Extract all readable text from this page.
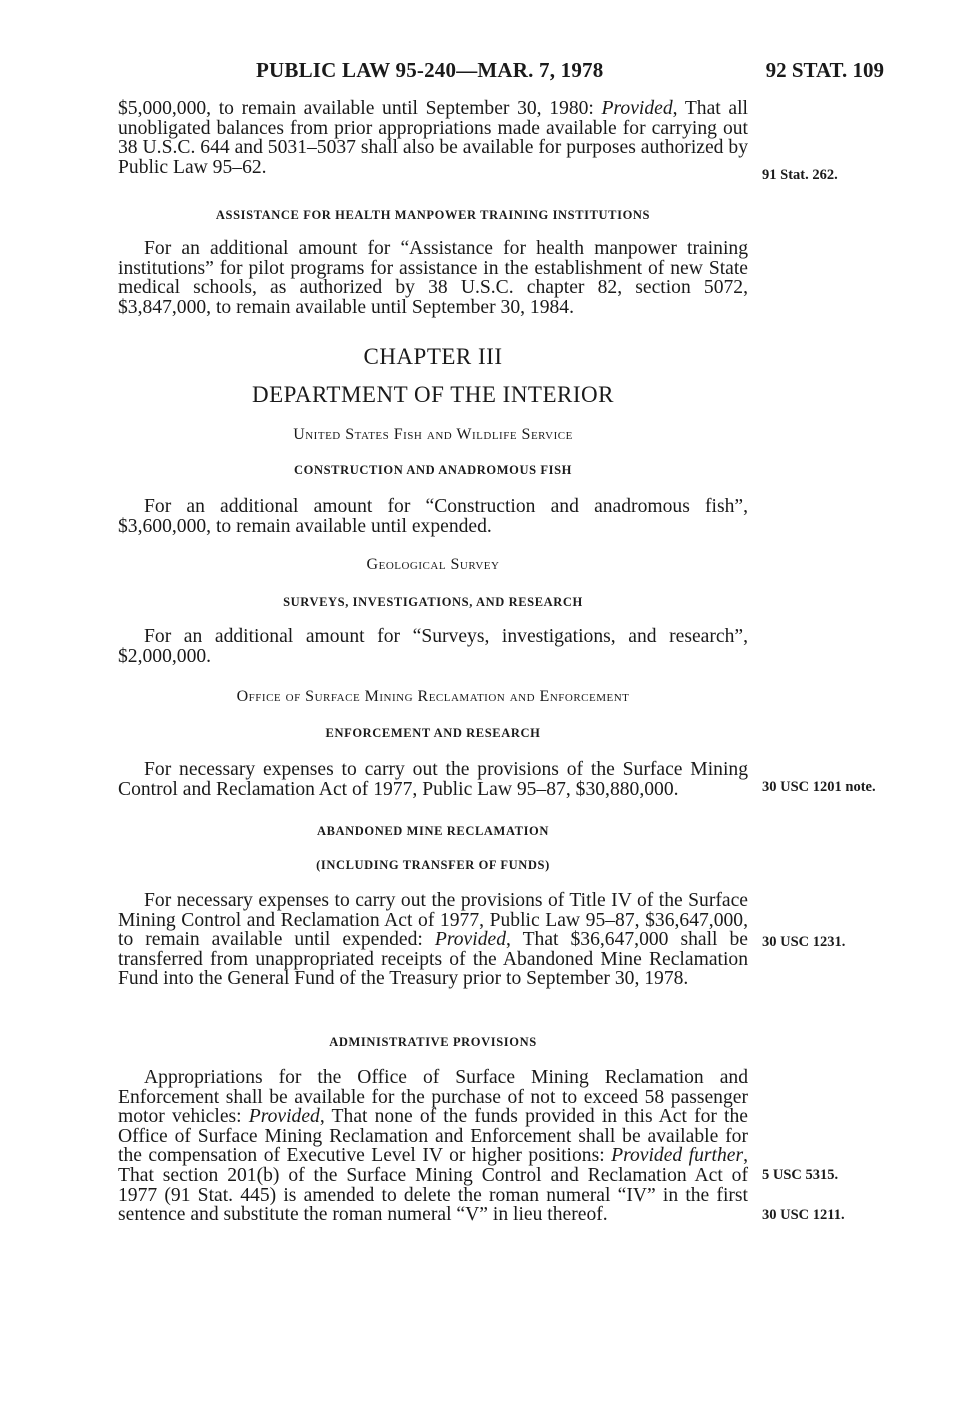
PUBLIC LAW 95-240—MAR. 7, 1978	92 STAT. 109

$5,000,000, to remain available until September 30, 1980: Provided, That all unobligated balances from prior appropriations made available for carrying out 38 U.S.C. 644 and 5031–5037 shall also be available for purposes authorized by Public Law 95–62.	91 Stat. 262.
ASSISTANCE FOR HEALTH MANPOWER TRAINING INSTITUTIONS

For an additional amount for “Assistance for health manpower training institutions” for pilot programs for assistance in the establishment of new State medical schools, as authorized by 38 U.S.C. chapter 82, section 5072, $3,847,000, to remain available until September 30, 1984.

CHAPTER III
DEPARTMENT OF THE INTERIOR
United States Fish and Wildlife Service
CONSTRUCTION AND ANADROMOUS FISH

For an additional amount for “Construction and anadromous fish”, $3,600,000, to remain available until expended.

Geological Survey
SURVEYS, INVESTIGATIONS, AND RESEARCH

For an additional amount for “Surveys, investigations, and research”, $2,000,000.

Office of Surface Mining Reclamation and Enforcement
ENFORCEMENT AND RESEARCH

For necessary expenses to carry out the provisions of the Surface Mining Control and Reclamation Act of 1977, Public Law 95–87, $30,880,000.	30 USC 1201 note.
ABANDONED MINE RECLAMATION
(INCLUDING TRANSFER OF FUNDS)

For necessary expenses to carry out the provisions of Title IV of the Surface Mining Control and Reclamation Act of 1977, Public Law 95–87, $36,647,000, to remain available until expended: Provided, That $36,647,000 shall be transferred from unappropriated receipts of the Abandoned Mine Reclamation Fund into the General Fund of the Treasury prior to September 30, 1978.

30 USC 1231.
ADMINISTRATIVE PROVISIONS

Appropriations for the Office of Surface Mining Reclamation and Enforcement shall be available for the purchase of not to exceed 58 passenger motor vehicles: Provided, That none of the funds provided in this Act for the Office of Surface Mining Reclamation and Enforcement shall be available for the compensation of Executive Level IV or higher positions: Provided further, That section 201(b) of the Surface Mining Control and Reclamation Act of 1977 (91 Stat. 445) is amended to delete the roman numeral “IV” in the first sentence and substitute the roman numeral “V” in lieu thereof.

5 USC 5315.
30 USC 1211.
